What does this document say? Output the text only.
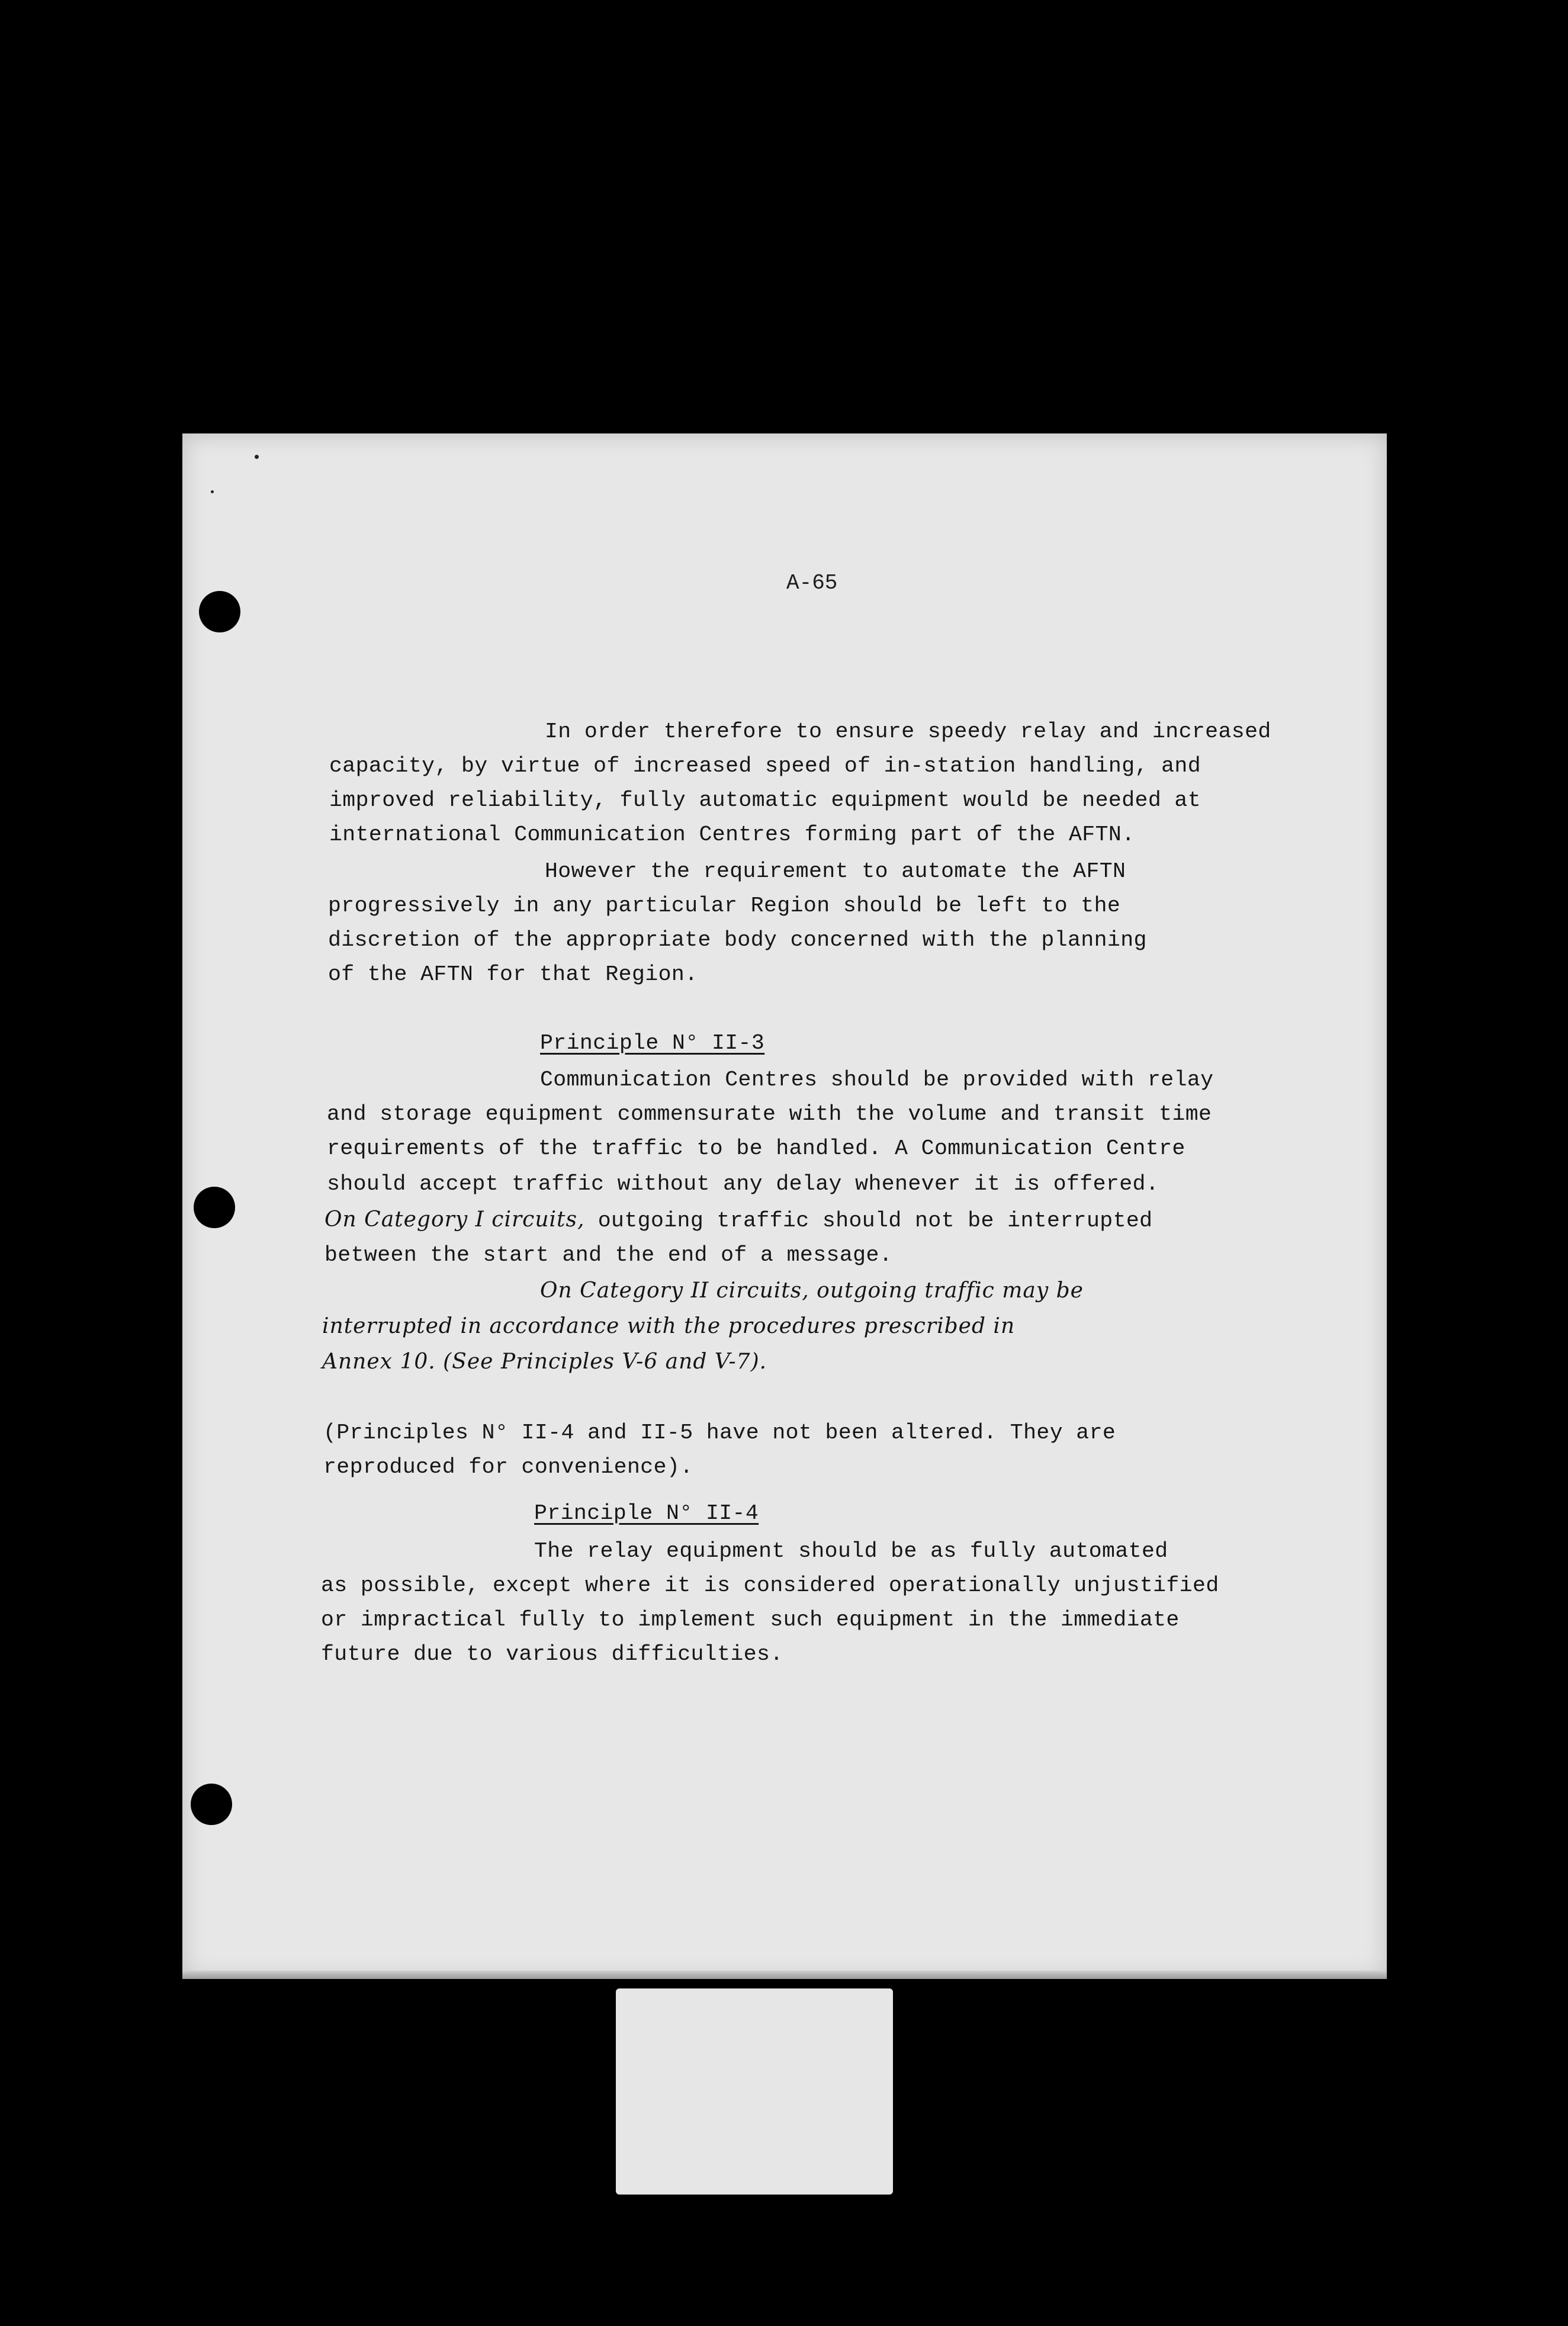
A-65
In order therefore to ensure speedy relay and increased
capacity, by virtue of increased speed of in-station handling, and
improved reliability, fully automatic equipment would be needed at
international Communication Centres forming part of the AFTN.
However the requirement to automate the AFTN
progressively in any particular Region should be left to the
discretion of the appropriate body concerned with the planning
of the AFTN for that Region.
Principle N° II-3
Communication Centres should be provided with relay
and storage equipment commensurate with the volume and transit time
requirements of the traffic to be handled. A Communication Centre
should accept traffic without any delay whenever it is offered.
On Category I circuits, outgoing traffic should not be interrupted
between the start and the end of a message.
On Category II circuits, outgoing traffic may be
interrupted in accordance with the procedures prescribed in
Annex 10. (See Principles V-6 and V-7).
(Principles N° II-4 and II-5 have not been altered. They are
reproduced for convenience).
Principle N° II-4
The relay equipment should be as fully automated
as possible, except where it is considered operationally unjustified
or impractical fully to implement such equipment in the immediate
future due to various difficulties.
